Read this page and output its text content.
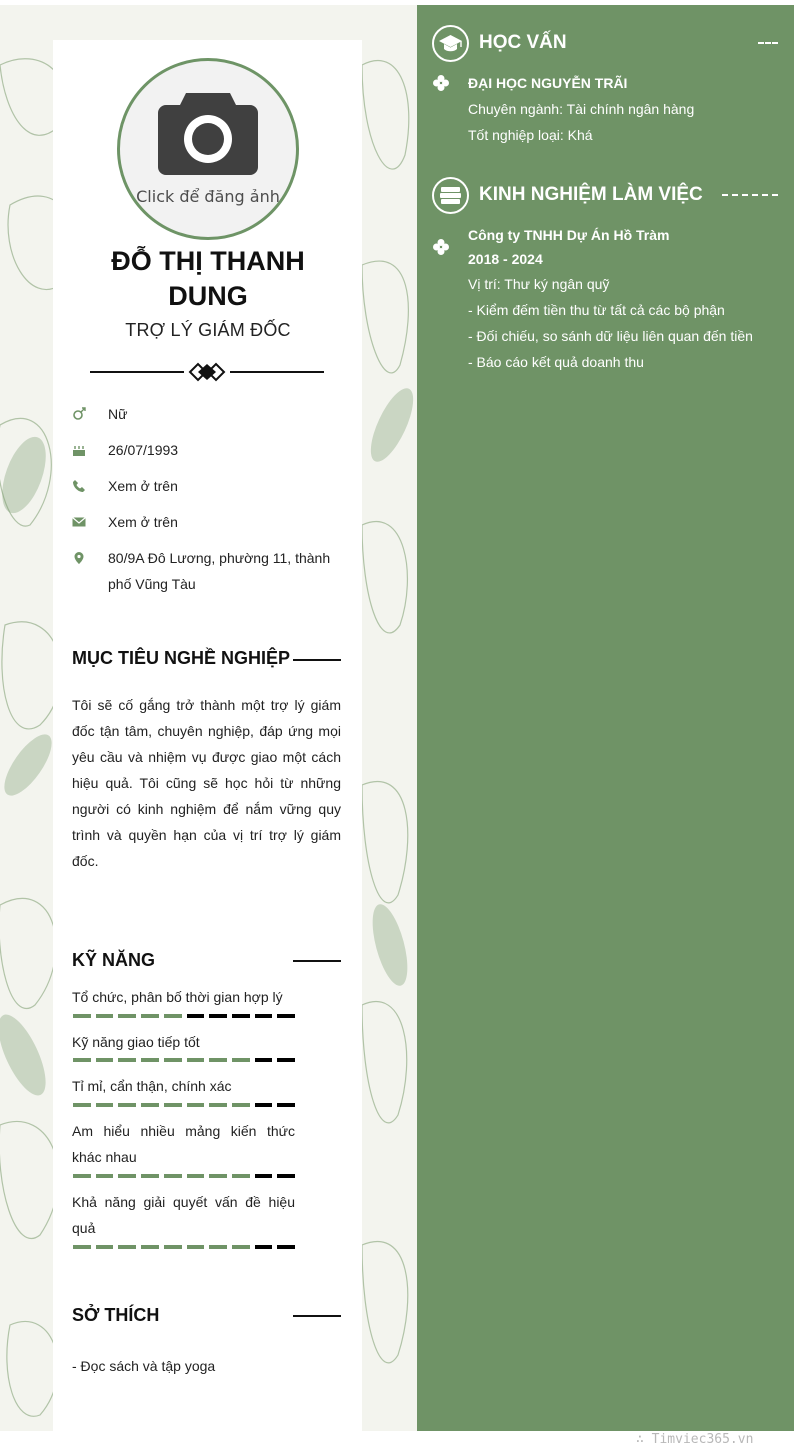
Click để đăng ảnh
ĐỖ THỊ THANH DUNG
TRỢ LÝ GIÁM ĐỐC
Nữ
26/07/1993
Xem ở trên
Xem ở trên
80/9A Đô Lương, phường 11, thành phố Vũng Tàu
MỤC TIÊU NGHỀ NGHIỆP
Tôi sẽ cố gắng trở thành một trợ lý giám đốc tận tâm, chuyên nghiệp, đáp ứng mọi yêu cầu và nhiệm vụ được giao một cách hiệu quả. Tôi cũng sẽ học hỏi từ những người có kinh nghiệm để nắm vững quy trình và quyền hạn của vị trí trợ lý giám đốc.
KỸ NĂNG
Tổ chức, phân bố thời gian hợp lý
Kỹ năng giao tiếp tốt
Tỉ mỉ, cẩn thận, chính xác
Am hiểu nhiều mảng kiến thức khác nhau
Khả năng giải quyết vấn đề hiệu quả
SỞ THÍCH
- Đọc sách và tập yoga
HỌC VẤN
ĐẠI HỌC NGUYỄN TRÃI
Chuyên ngành: Tài chính ngân hàng
Tốt nghiệp loại: Khá
KINH NGHIỆM LÀM VIỆC
Công ty TNHH Dự Án Hồ Tràm
2018 - 2024
Vị trí: Thư ký ngân quỹ
- Kiểm đếm tiền thu từ tất cả các bộ phận
- Đối chiếu, so sánh dữ liệu liên quan đến tiền
- Báo cáo kết quả doanh thu
∴ Timviec365.vn
